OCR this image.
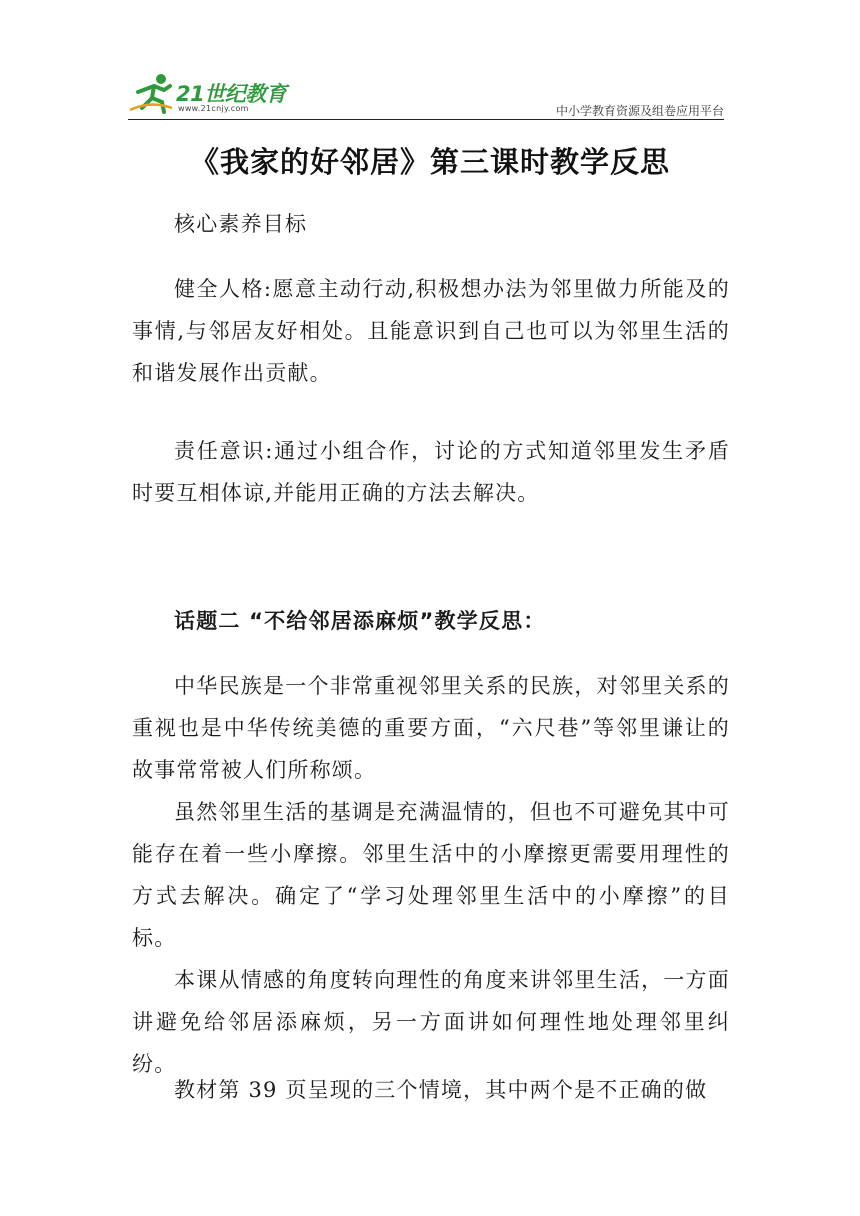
21世纪教育
www.21cnjy.com	中小学教育资源及组卷应用平台
《我家的好邻居》第三课时教学反思

核心素养目标

健全人格:愿意主动行动,积极想办法为邻里做力所能及的事情,与邻居友好相处。且能意识到自己也可以为邻里生活的和谐发展作出贡献。

责任意识:通过小组合作，讨论的方式知道邻里发生矛盾时要互相体谅,并能用正确的方法去解决。

话题二 “不给邻居添麻烦”教学反思：

中华民族是一个非常重视邻里关系的民族，对邻里关系的重视也是中华传统美德的重要方面，“六尺巷”等邻里谦让的故事常常被人们所称颂。

虽然邻里生活的基调是充满温情的，但也不可避免其中可能存在着一些小摩擦。邻里生活中的小摩擦更需要用理性的方式去解决。确定了“学习处理邻里生活中的小摩擦”的目标。

本课从情感的角度转向理性的角度来讲邻里生活，一方面讲避免给邻居添麻烦，另一方面讲如何理性地处理邻里纠纷。

教材第 39 页呈现的三个情境，其中两个是不正确的做
